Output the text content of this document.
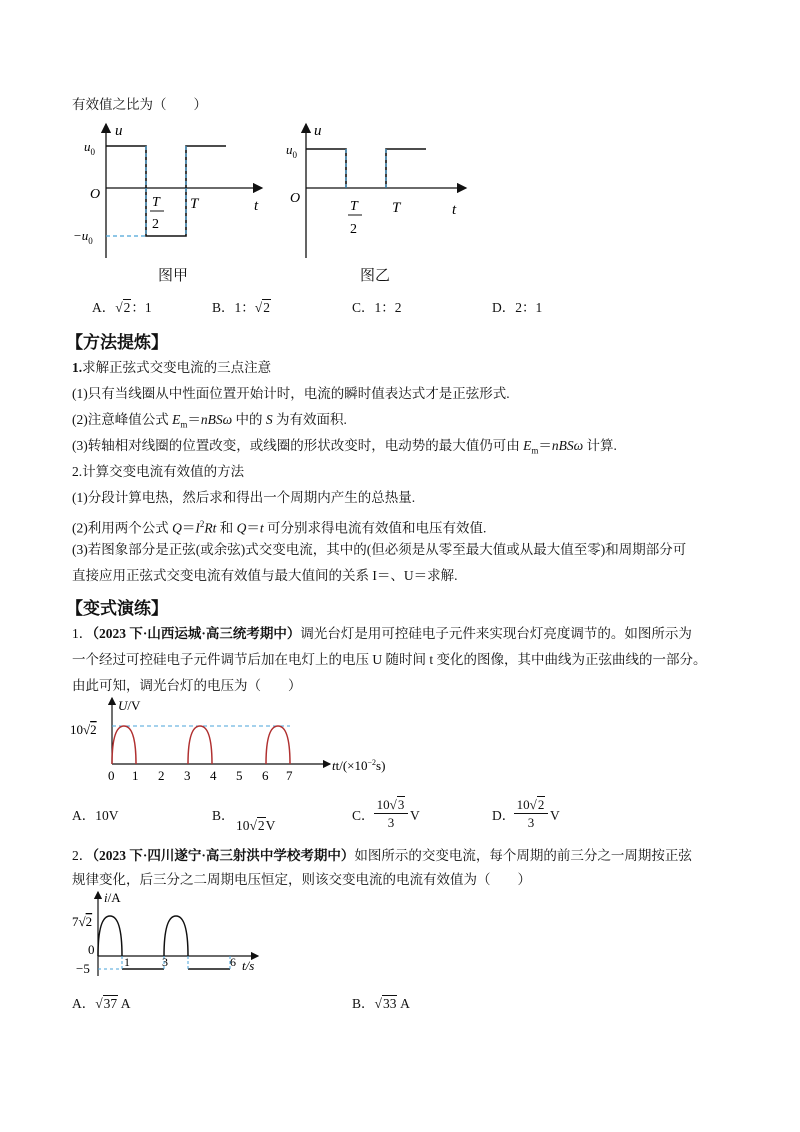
有效值之比为（　　）
u
t
O
$u_0$
$-u_0$
T
2
T
图甲
u
t
O
$u_0$
T
2
T
图乙
A．√2：1	B．1：√2	C．1：2	D．2：1
【方法提炼】
1.求解正弦式交变电流的三点注意
(1)只有当线圈从中性面位置开始计时，电流的瞬时值表达式才是正弦形式.
(2)注意峰值公式 $E_m=nBS\omega$ 中的 S 为有效面积.
(3)转轴相对线圈的位置改变，或线圈的形状改变时，电动势的最大值仍可由 $E_m=nBS\omega$ 计算.
2.计算交变电流有效值的方法
(1)分段计算电热，然后求和得出一个周期内产生的总热量.
(2)利用两个公式 $Q=I^2Rt$ 和 Q＝t 可分别求得电流有效值和电压有效值.
(3)若图象部分是正弦(或余弦)式交变电流，其中的(但必须是从零至最大值或从最大值至零)和周期部分可
直接应用正弦式交变电流有效值与最大值间的关系 I＝、U＝求解.
【变式演练】
1．（2023 下·山西运城·高三统考期中）调光台灯是用可控硅电子元件来实现台灯亮度调节的。如图所示为
一个经过可控硅电子元件调节后加在电灯上的电压 U 随时间 t 变化的图像，其中曲线为正弦曲线的一部分。
由此可知，调光台灯的电压为（　　）
U/V
10√2
0 1 2 3 4 5 6 7
$tt/(\times 10^{-2}s)$
A．10V	B．
10√2V
C．
10√3
3	V	D．
10√2
3	V
2．（2023 下·四川遂宁·高三射洪中学校考期中）如图所示的交变电流，每个周期的前三分之一周期按正弦
规律变化，后三分之二周期电压恒定，则该交变电流的电流有效值为（　　）
i/A
7√2
0
−5	1	3	6 t/s
A．√37 A	B．√33 A
